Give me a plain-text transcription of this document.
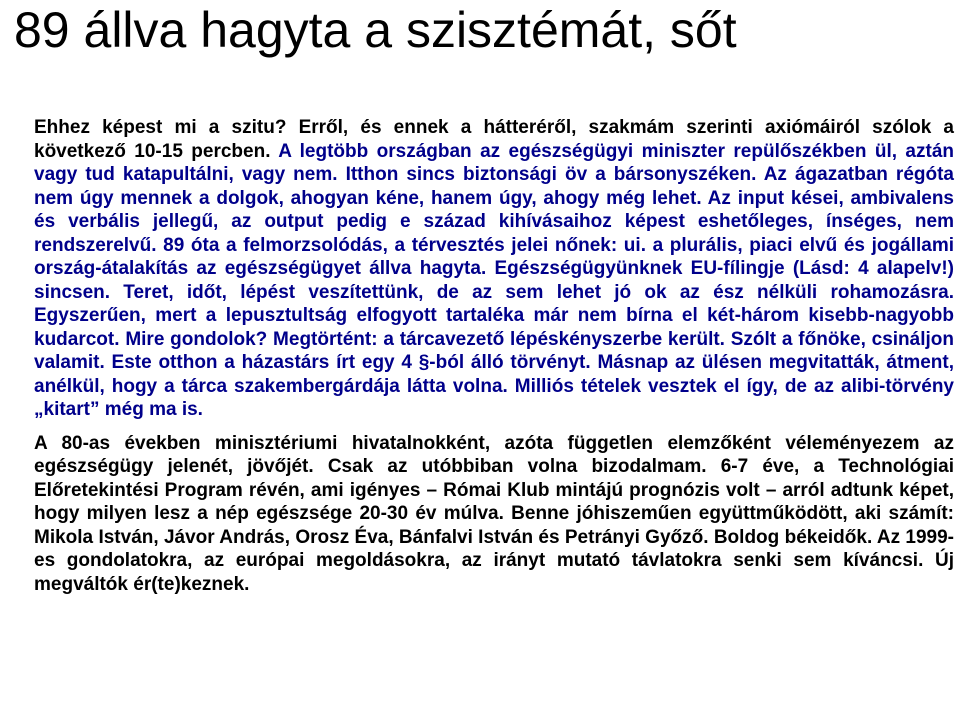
89 állva hagyta a szisztémát, sőt

Ehhez képest mi a szitu? Erről, és ennek a hátteréről, szakmám szerinti axiómáiról szólok a következő 10-15 percben. A legtöbb országban az egészségügyi miniszter repülőszékben ül, aztán vagy tud katapultálni, vagy nem. Itthon sincs biztonsági öv a bársonyszéken. Az ágazatban régóta nem úgy mennek a dolgok, ahogyan kéne, hanem úgy, ahogy még lehet. Az input kései, ambivalens és verbális jellegű, az output pedig e század kihívásaihoz képest eshetőleges, ínséges, nem rendszerelvű. 89 óta a felmorzsolódás, a térvesztés jelei nőnek: ui. a plurális, piaci elvű és jogállami ország-átalakítás az egészségügyet állva hagyta. Egészségügyünknek EU-fílingje (Lásd: 4 alapelv!) sincsen. Teret, időt, lépést veszítettünk, de az sem lehet jó ok az ész nélküli rohamozásra. Egyszerűen, mert a lepusztultság elfogyott tartaléka már nem bírna el két-három kisebb-nagyobb kudarcot. Mire gondolok? Megtörtént: a tárcavezető lépéskényszerbe került. Szólt a főnöke, csináljon valamit. Este otthon a házastárs írt egy 4 §-ból álló törvényt. Másnap az ülésen megvitatták, átment, anélkül, hogy a tárca szakembergárdája látta volna. Milliós tételek vesztek el így, de az alibi-törvény „kitart” még ma is.

A 80-as években minisztériumi hivatalnokként, azóta független elemzőként véleményezem az egészségügy jelenét, jövőjét. Csak az utóbbiban volna bizodalmam. 6-7 éve, a Technológiai Előretekintési Program révén, ami igényes – Római Klub mintájú prognózis volt – arról adtunk képet, hogy milyen lesz a nép egészsége 20-30 év múlva. Benne jóhiszeműen együttműködött, aki számít: Mikola István, Jávor András, Orosz Éva, Bánfalvi István és Petrányi Győző. Boldog békeidők. Az 1999-es gondolatokra, az európai megoldásokra, az irányt mutató távlatokra senki sem kíváncsi. Új megváltók ér(te)keznek.
